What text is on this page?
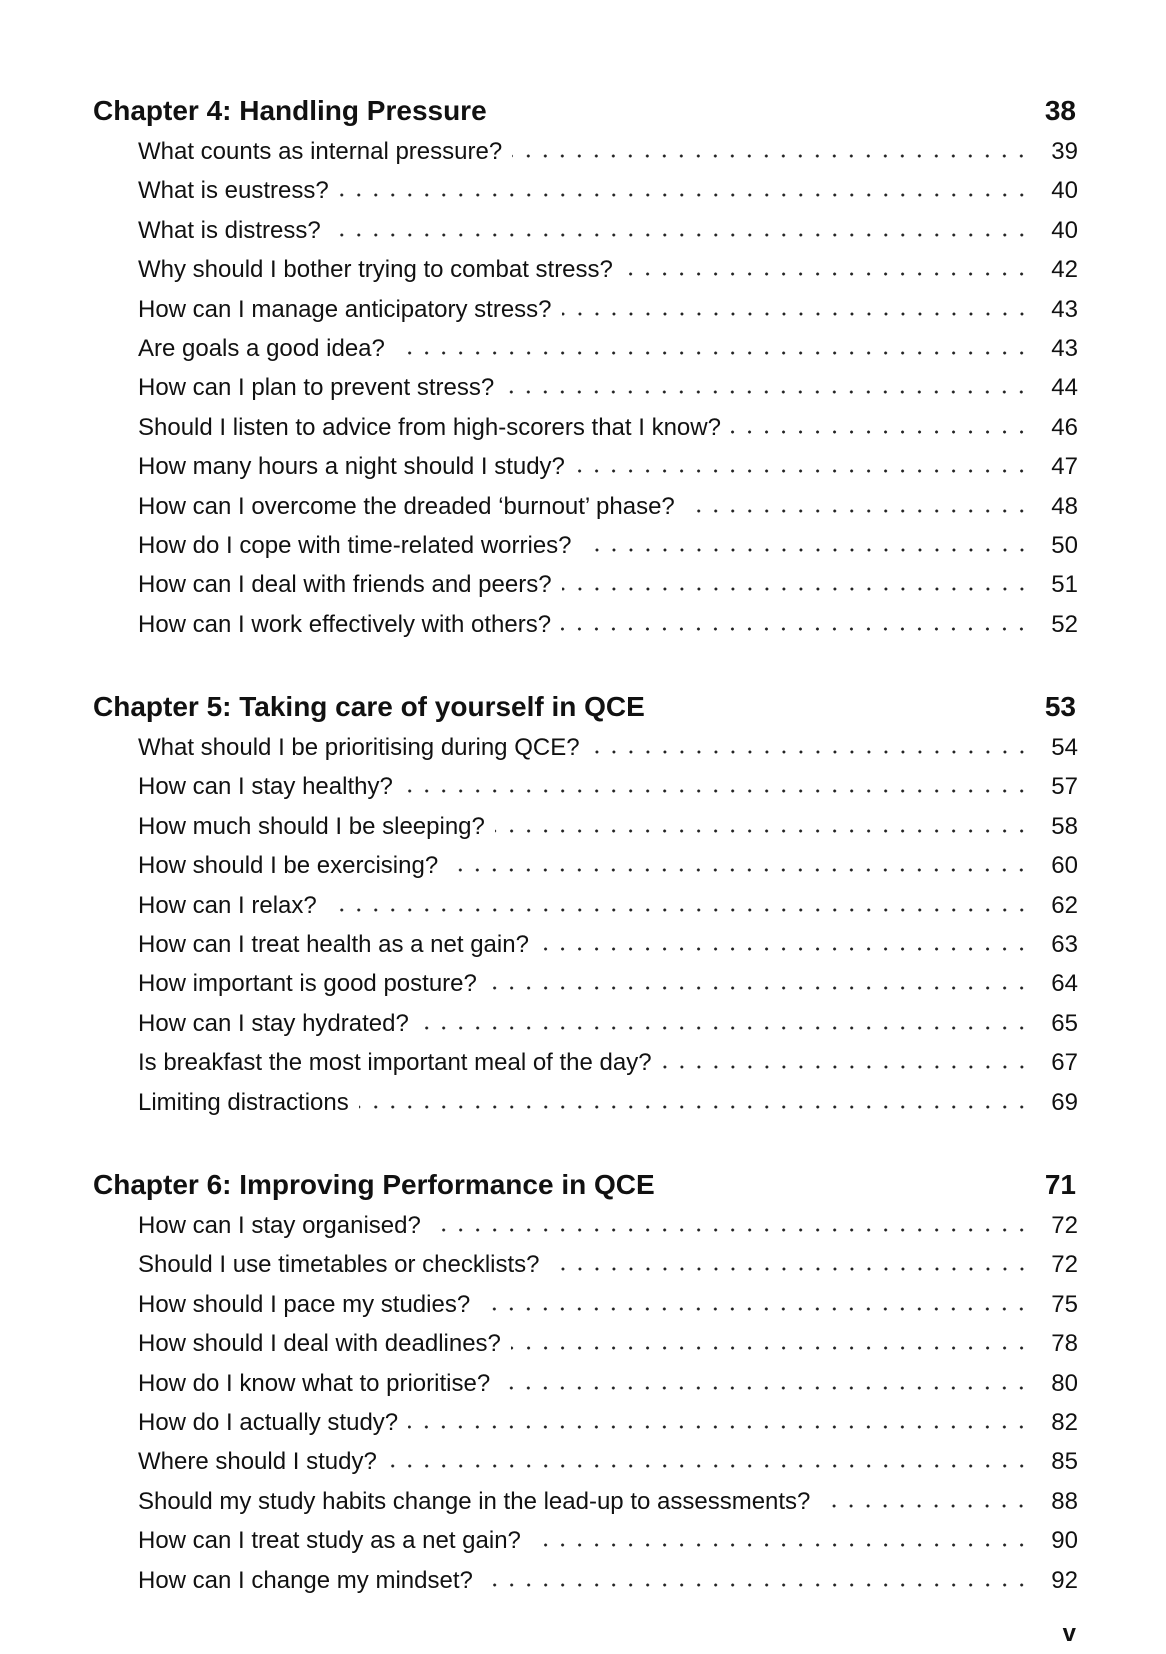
Chapter 4: Handling Pressure	38
What counts as internal pressure?	39
What is eustress?	40
What is distress?	40
Why should I bother trying to combat stress?	42
How can I manage anticipatory stress?	43
Are goals a good idea?	43
How can I plan to prevent stress?	44
Should I listen to advice from high-scorers that I know?	46
How many hours a night should I study?	47
How can I overcome the dreaded ‘burnout’ phase?	48
How do I cope with time-related worries?	50
How can I deal with friends and peers?	51
How can I work effectively with others?	52
Chapter 5: Taking care of yourself in QCE	53
What should I be prioritising during QCE?	54
How can I stay healthy?	57
How much should I be sleeping?	58
How should I be exercising?	60
How can I relax?	62
How can I treat health as a net gain?	63
How important is good posture?	64
How can I stay hydrated?	65
Is breakfast the most important meal of the day?	67
Limiting distractions	69
Chapter 6: Improving Performance in QCE	71
How can I stay organised?	72
Should I use timetables or checklists?	72
How should I pace my studies?	75
How should I deal with deadlines?	78
How do I know what to prioritise?	80
How do I actually study?	82
Where should I study?	85
Should my study habits change in the lead-up to assessments?	88
How can I treat study as a net gain?	90
How can I change my mindset?	92
v
